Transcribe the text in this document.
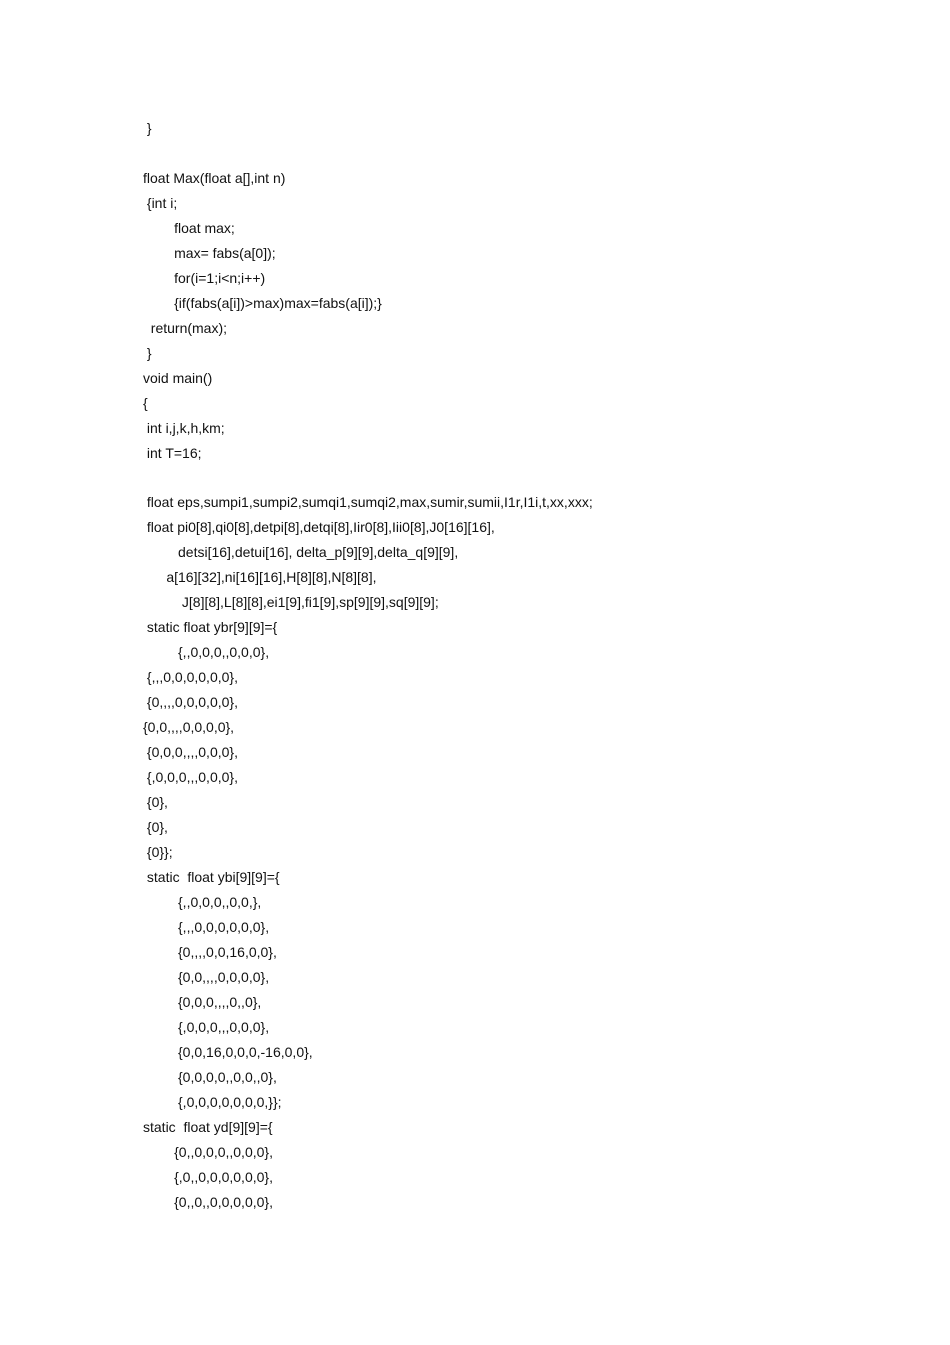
}
float Max(float a[],int n)
{int i;
float max;
max= fabs(a[0]);
for(i=1;i<n;i++)
{if(fabs(a[i])>max)max=fabs(a[i]);}
return(max);
}
void main()
{
int i,j,k,h,km;
int T=16;
float eps,sumpi1,sumpi2,sumqi1,sumqi2,max,sumir,sumii,I1r,I1i,t,xx,xxx;
float pi0[8],qi0[8],detpi[8],detqi[8],Iir0[8],Iii0[8],J0[16][16],
detsi[16],detui[16], delta_p[9][9],delta_q[9][9],
a[16][32],ni[16][16],H[8][8],N[8][8],
J[8][8],L[8][8],ei1[9],fi1[9],sp[9][9],sq[9][9];
static float ybr[9][9]={
{,,0,0,0,,0,0,0},
{,,,0,0,0,0,0,0},
{0,,,,0,0,0,0,0},
{0,0,,,,0,0,0,0},
{0,0,0,,,,0,0,0},
{,0,0,0,,,0,0,0},
{0},
{0},
{0}};
static  float ybi[9][9]={
{,,0,0,0,,0,0,},
{,,,0,0,0,0,0,0},
{0,,,,0,0,16,0,0},
{0,0,,,,0,0,0,0},
{0,0,0,,,,0,,0},
{,0,0,0,,,0,0,0},
{0,0,16,0,0,0,-16,0,0},
{0,0,0,0,,0,0,,0},
{,0,0,0,0,0,0,0,}};
static  float yd[9][9]={
{0,,0,0,0,,0,0,0},
{,0,,0,0,0,0,0,0},
{0,,0,,0,0,0,0,0},
